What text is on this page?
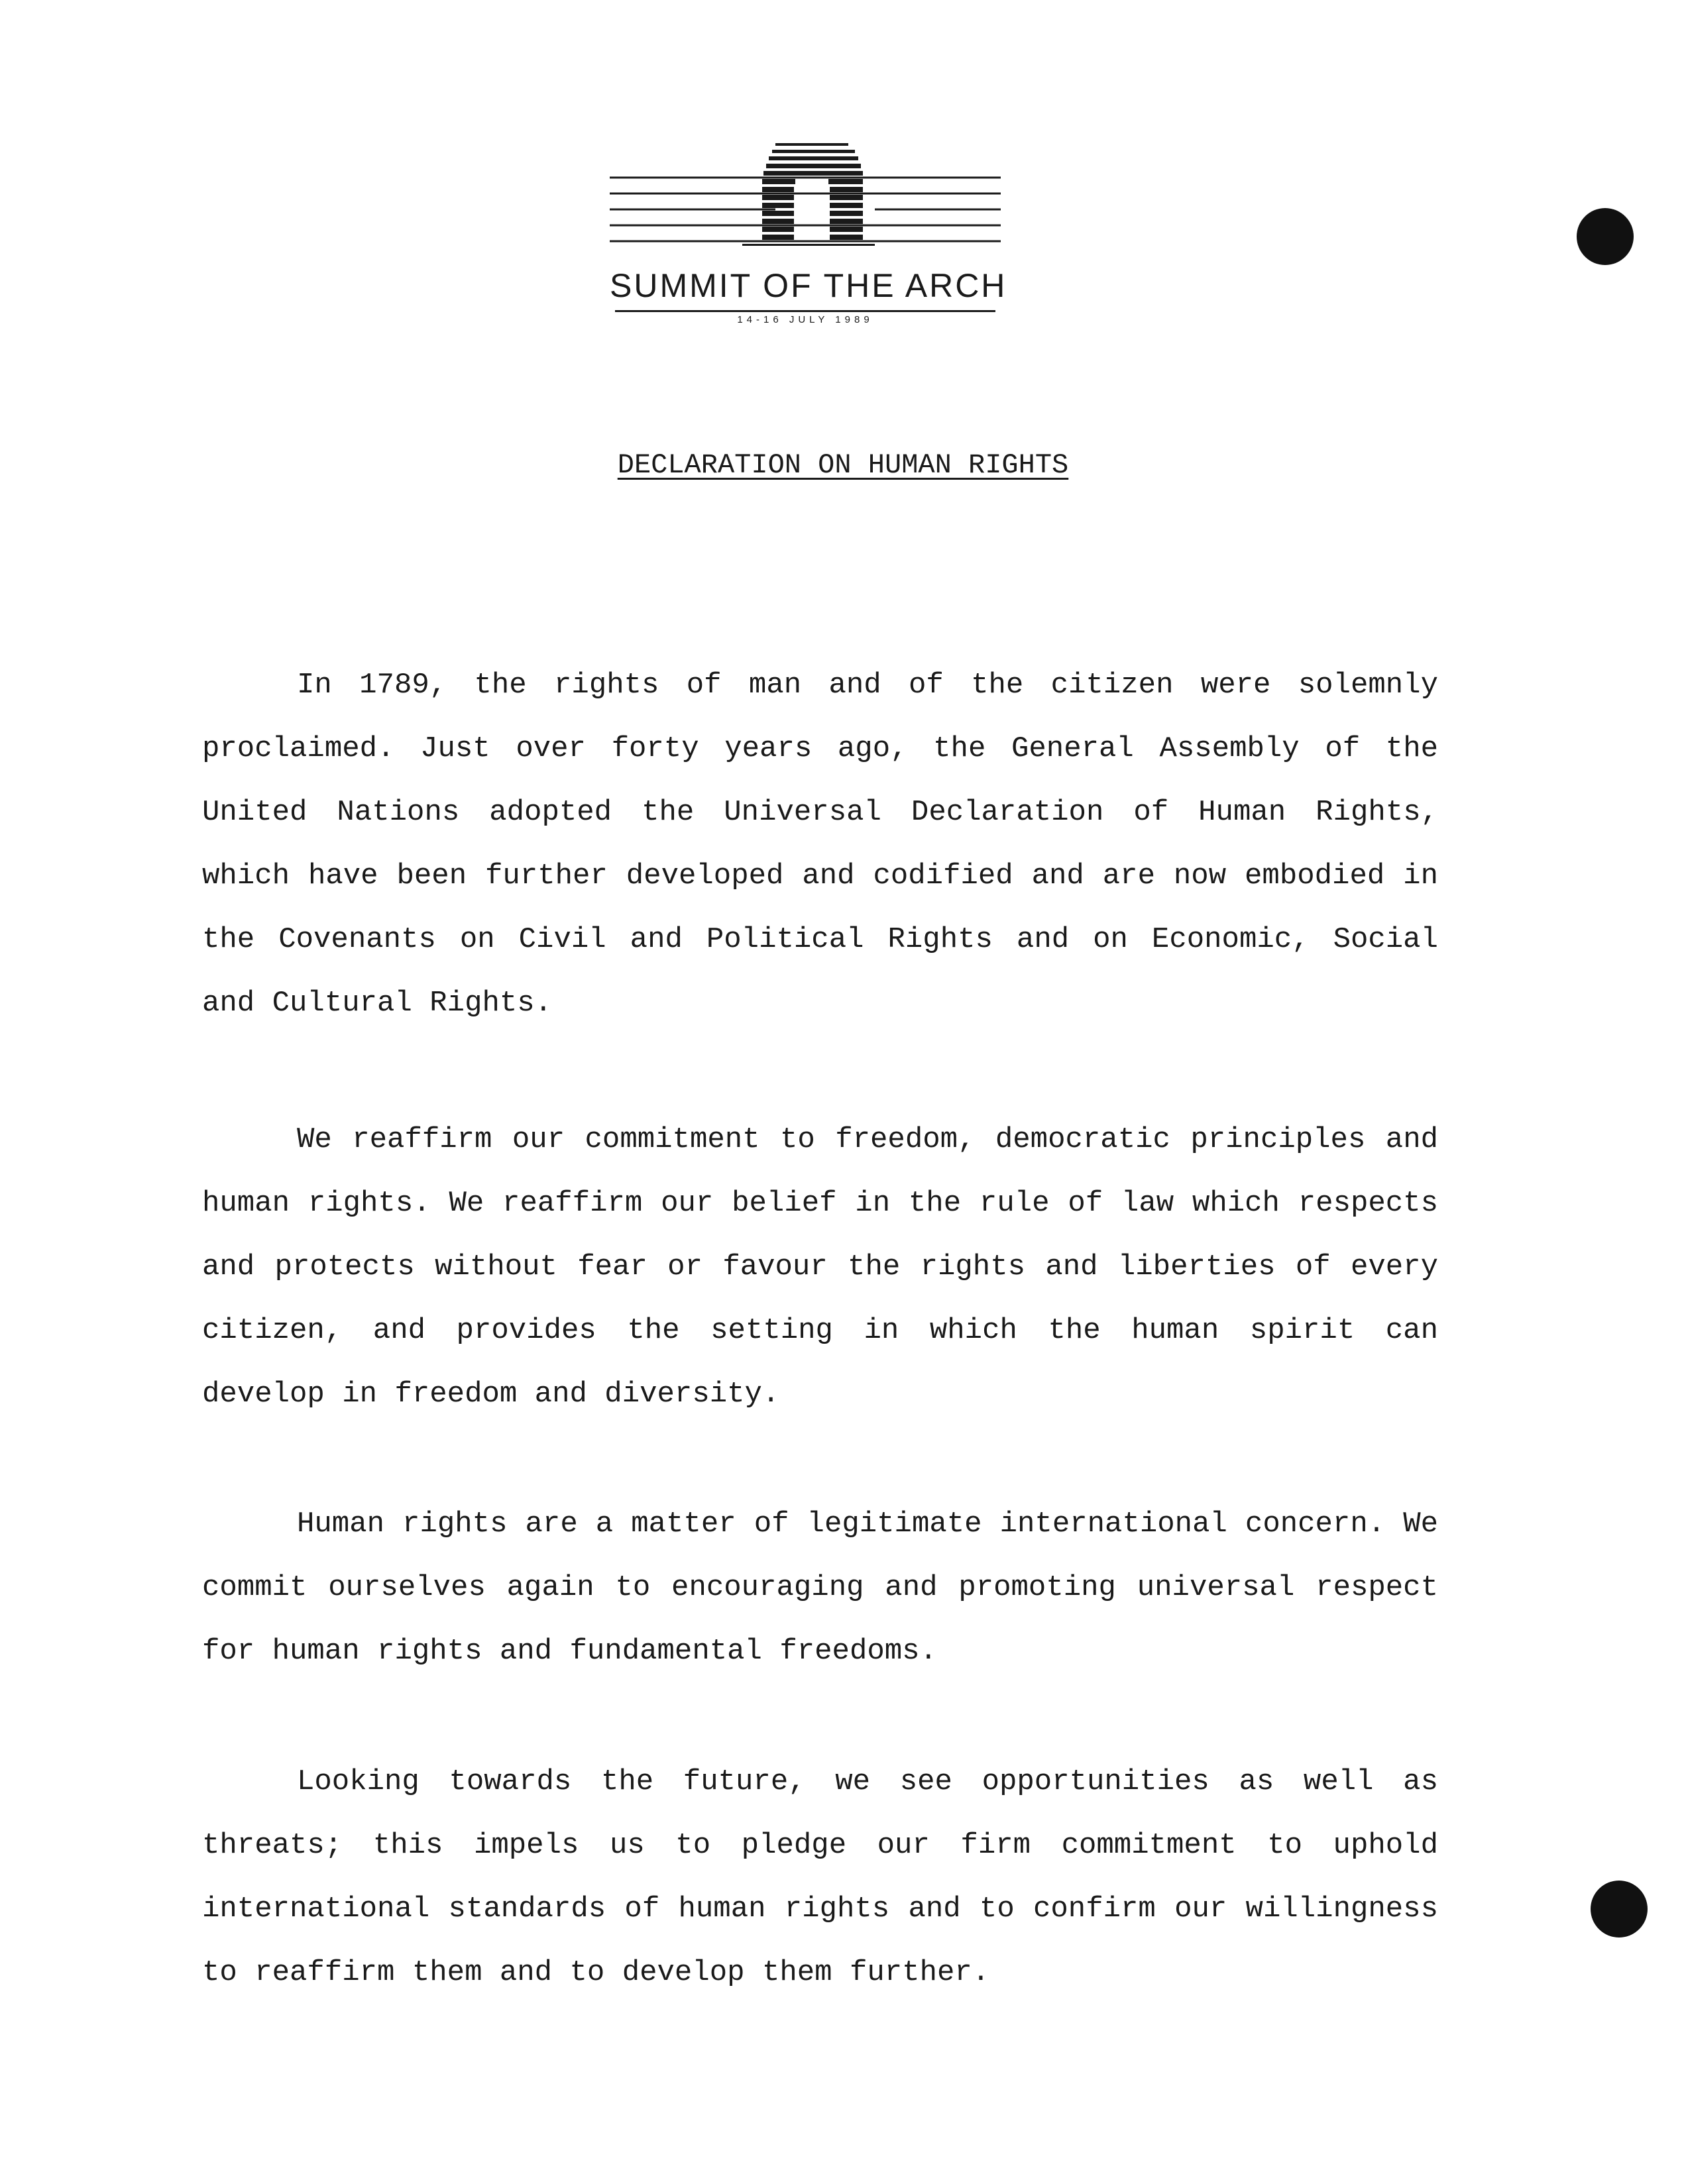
SUMMIT OF THE ARCH
14-16 JULY 1989
DECLARATION ON HUMAN RIGHTS

In 1789, the rights of man and of the citizen were solemnly proclaimed. Just over forty years ago, the General Assembly of the United Nations adopted the Universal Declaration of Human Rights, which have been further developed and codified and are now embodied in the Covenants on Civil and Political Rights and on Economic, Social and Cultural Rights.

We reaffirm our commitment to freedom, democratic principles and human rights. We reaffirm our belief in the rule of law which respects and protects without fear or favour the rights and liberties of every citizen, and provides the setting in which the human spirit can develop in freedom and diversity.

Human rights are a matter of legitimate international concern. We commit ourselves again to encouraging and promoting universal respect for human rights and fundamental freedoms.

Looking towards the future, we see opportunities as well as threats; this impels us to pledge our firm commitment to uphold international standards of human rights and to confirm our willingness to reaffirm them and to develop them further.
